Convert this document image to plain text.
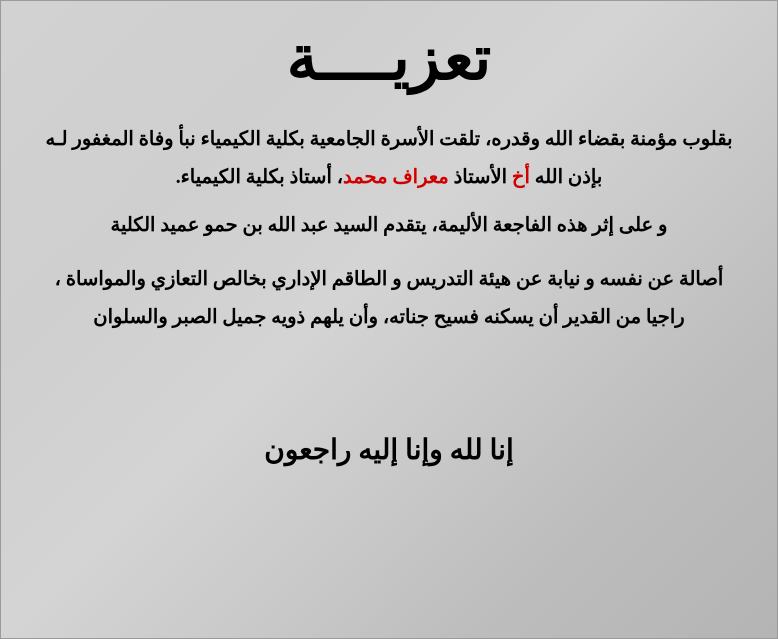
تعزيــــة

بقلوب مؤمنة بقضاء الله وقدره، تلقت الأسرة الجامعية بكلية الكيمياء نبأ وفاة المغفور لـه بإذن الله أخ الأستاذ معراف محمد، أستاذ بكلية الكيمياء.

و على إثر هذه الفاجعة الأليمة، يتقدم السيد عبد الله بن حمو عميد الكلية

أصالة عن نفسه و نيابة عن هيئة التدريس و الطاقم الإداري بخالص التعازي والمواساة ، راجيا من القدير أن يسكنه فسيح جناته، وأن يلهم ذويه جميل الصبر والسلوان

إنا لله وإنا إليه راجعون
